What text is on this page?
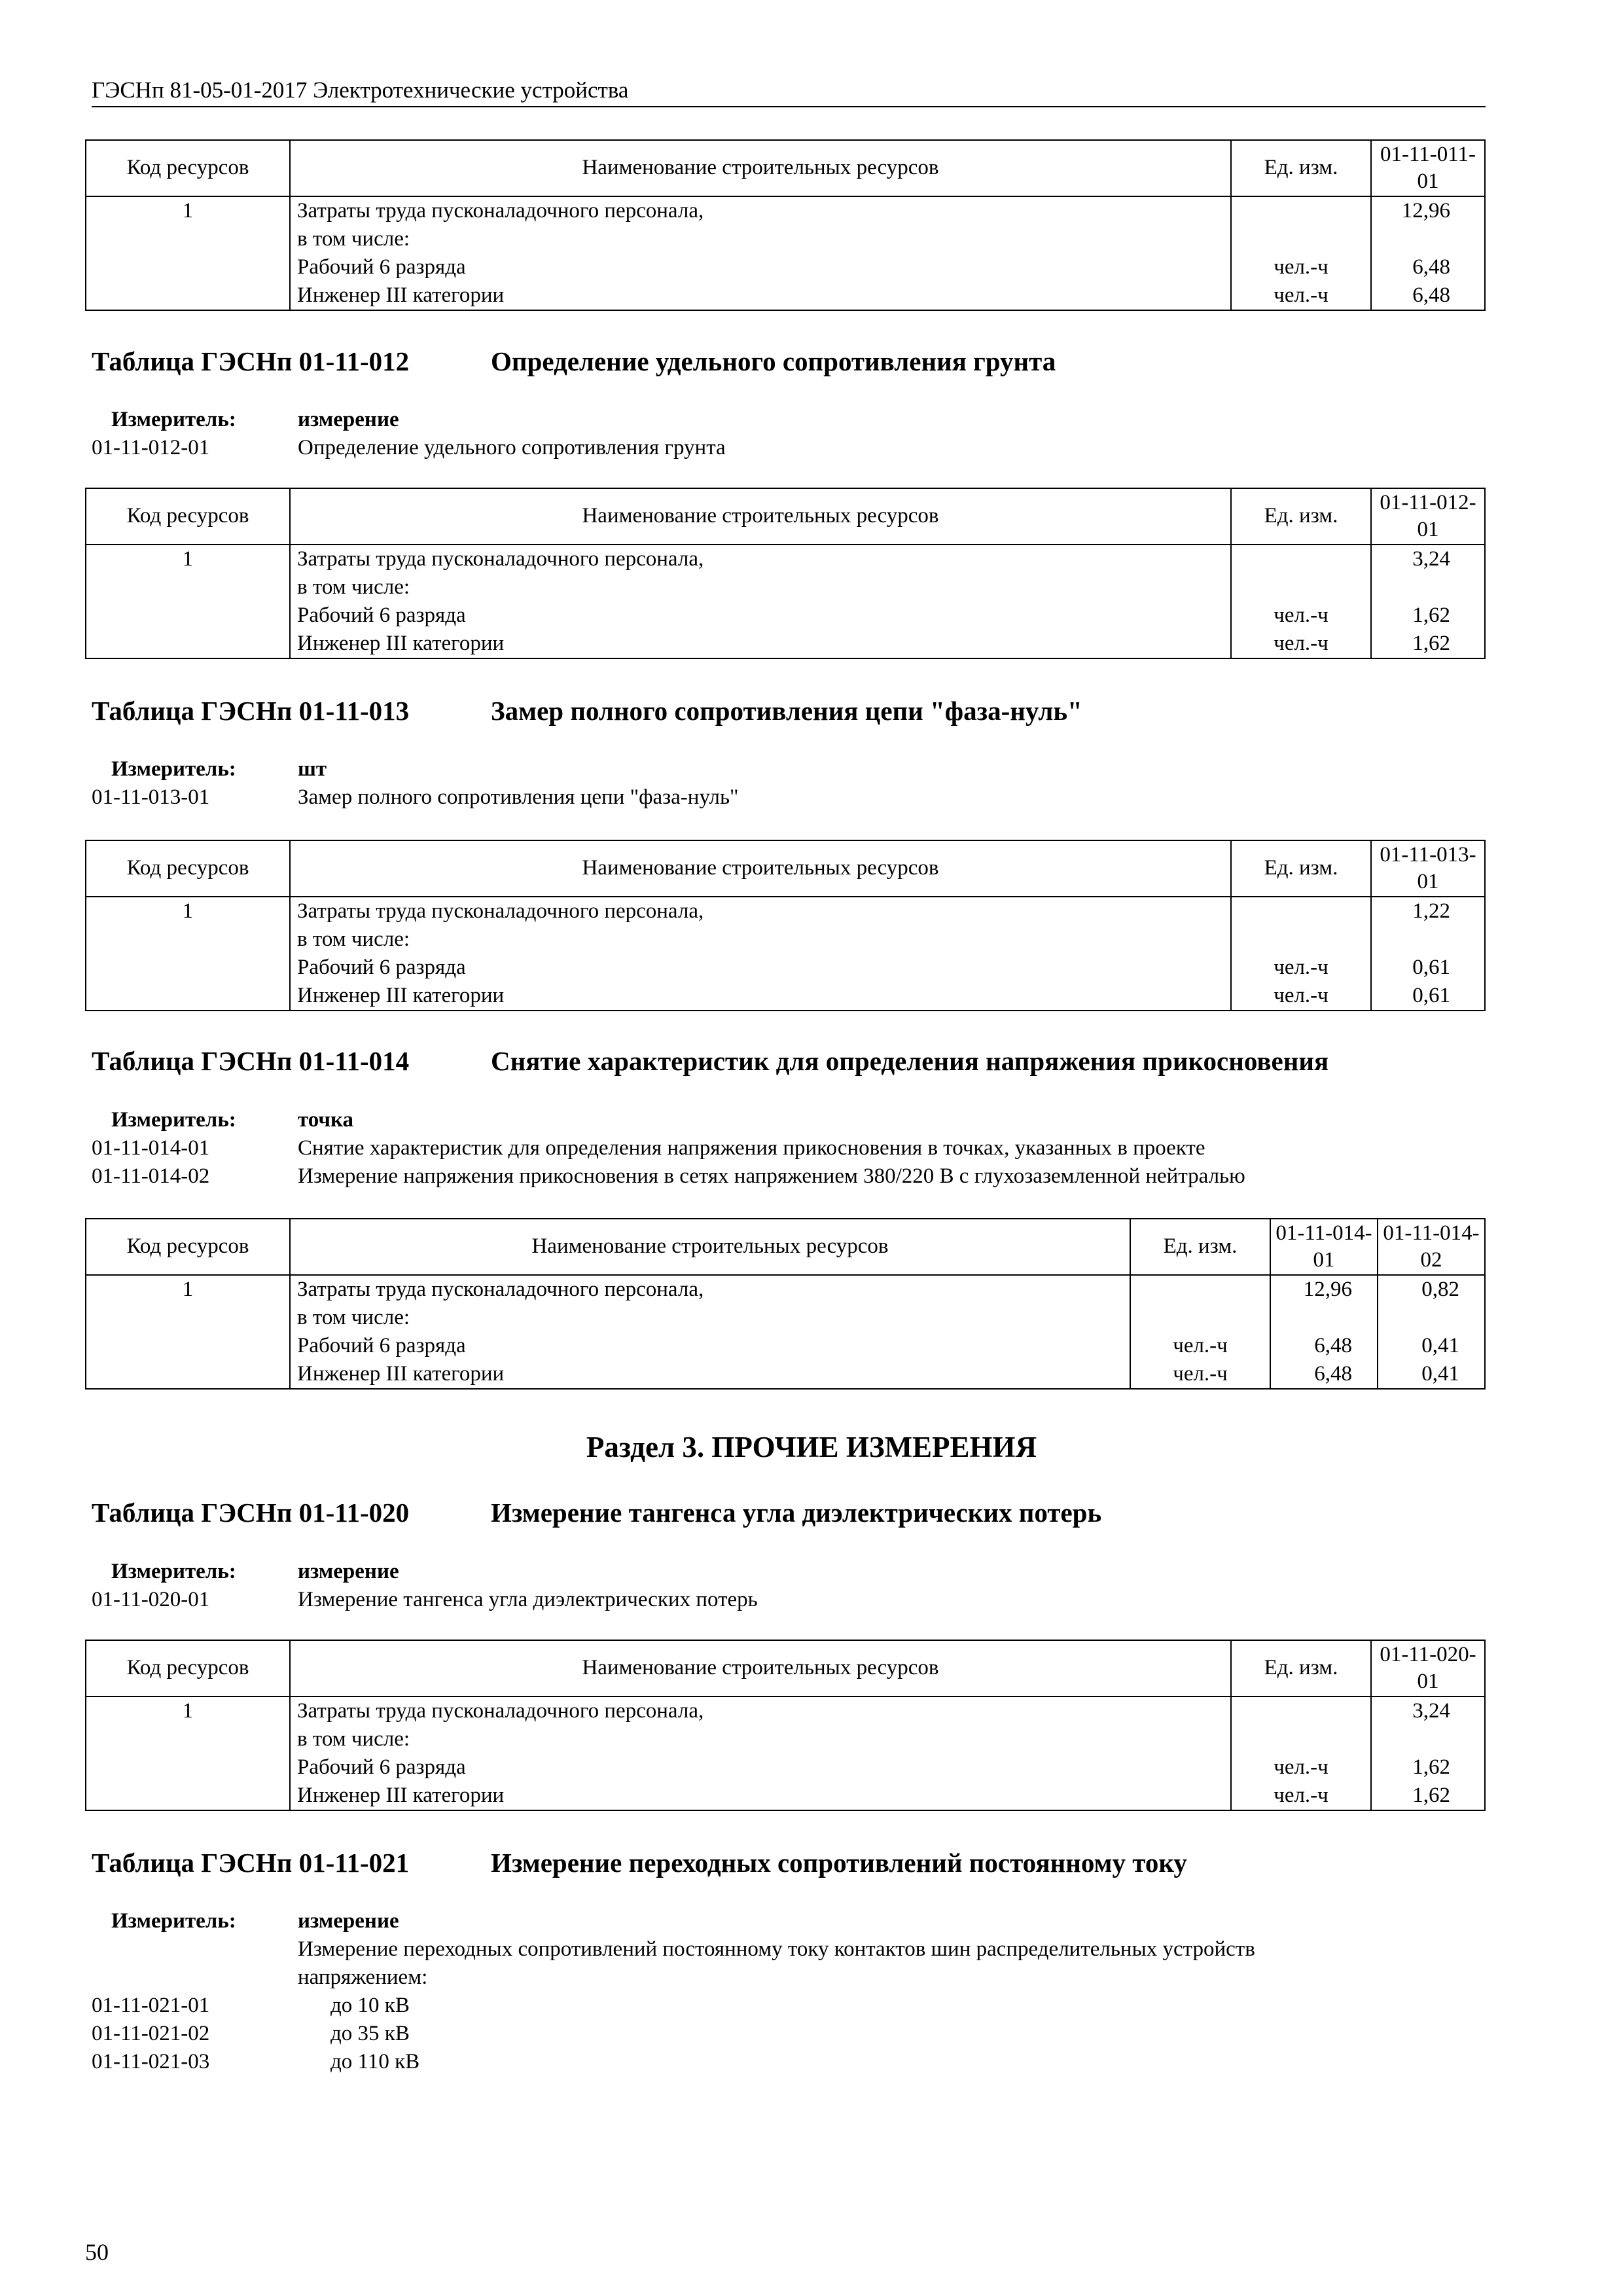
ГЭСНп 81-05-01-2017 Электротехнические устройства
Код ресурсов	Наименование строительных ресурсов	Ед. изм.	01-11-011-01
1	Затраты труда пусконаладочного персонала,		12,96
	в том числе:		
	Рабочий 6 разряда	чел.-ч	6,48
	Инженер III категории	чел.-ч	6,48
Таблица ГЭСНп 01-11-012	Определение удельного сопротивления грунта
Измеритель:	измерение
01-11-012-01	Определение удельного сопротивления грунта
Код ресурсов	Наименование строительных ресурсов	Ед. изм.	01-11-012-01
1	Затраты труда пусконаладочного персонала,		3,24
	в том числе:		
	Рабочий 6 разряда	чел.-ч	1,62
	Инженер III категории	чел.-ч	1,62
Таблица ГЭСНп 01-11-013	Замер полного сопротивления цепи "фаза-нуль"
Измеритель:	шт
01-11-013-01	Замер полного сопротивления цепи "фаза-нуль"
Код ресурсов	Наименование строительных ресурсов	Ед. изм.	01-11-013-01
1	Затраты труда пусконаладочного персонала,		1,22
	в том числе:		
	Рабочий 6 разряда	чел.-ч	0,61
	Инженер III категории	чел.-ч	0,61
Таблица ГЭСНп 01-11-014	Снятие характеристик для определения напряжения прикосновения
Измеритель:	точка
01-11-014-01	Снятие характеристик для определения напряжения прикосновения в точках, указанных в проекте
01-11-014-02	Измерение напряжения прикосновения в сетях напряжением 380/220 В с глухозаземленной нейтралью
Код ресурсов	Наименование строительных ресурсов	Ед. изм.	01-11-014-01	01-11-014-02
1	Затраты труда пусконаладочного персонала,		12,96	0,82
	в том числе:			
	Рабочий 6 разряда	чел.-ч	6,48	0,41
	Инженер III категории	чел.-ч	6,48	0,41
Раздел 3. ПРОЧИЕ ИЗМЕРЕНИЯ
Таблица ГЭСНп 01-11-020	Измерение тангенса угла диэлектрических потерь
Измеритель:	измерение
01-11-020-01	Измерение тангенса угла диэлектрических потерь
Код ресурсов	Наименование строительных ресурсов	Ед. изм.	01-11-020-01
1	Затраты труда пусконаладочного персонала,		3,24
	в том числе:		
	Рабочий 6 разряда	чел.-ч	1,62
	Инженер III категории	чел.-ч	1,62
Таблица ГЭСНп 01-11-021	Измерение переходных сопротивлений постоянному току
Измеритель:	измерение
Измерение переходных сопротивлений постоянному току контактов шин распределительных устройств
напряжением:
01-11-021-01	до 10 кВ
01-11-021-02	до 35 кВ
01-11-021-03	до 110 кВ
50
